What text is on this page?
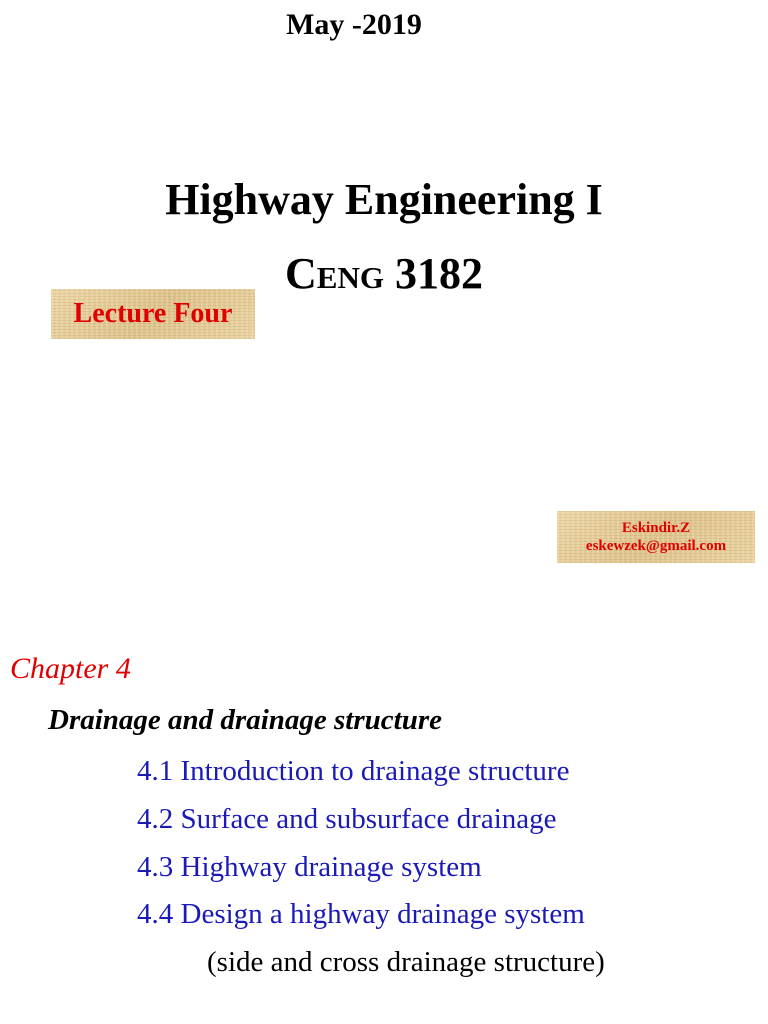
May -2019
Highway Engineering I
Ceng 3182
Lecture Four
Eskindir.Z
eskewzek@gmail.com
Chapter 4
Drainage and drainage structure
4.1 Introduction to drainage structure
4.2 Surface and subsurface drainage
4.3 Highway drainage system
4.4 Design a highway drainage system
(side and cross drainage structure)
